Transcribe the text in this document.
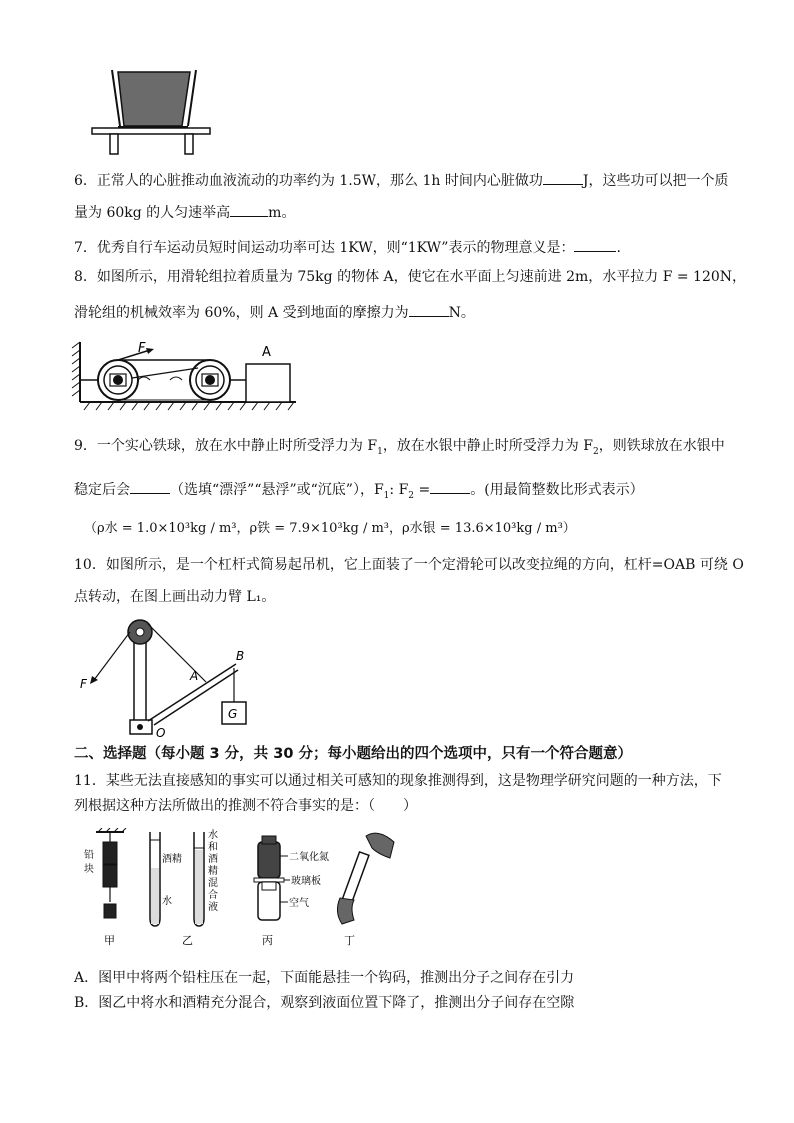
6．正常人的心脏推动血液流动的功率约为 1.5W，那么 1h 时间内心脏做功	J，这些功可以把一个质
量为 60kg 的人匀速举高	m。
7．优秀自行车运动员短时间运动功率可达 1KW，则“1KW”表示的物理意义是：	.
8．如图所示，用滑轮组拉着质量为 75kg 的物体 A，使它在水平面上匀速前进 2m，水平拉力 F = 120N，
滑轮组的机械效率为 60%，则 A 受到地面的摩擦力为	N。
F	A
9．一个实心铁球，放在水中静止时所受浮力为 $F_1$，放在水银中静止时所受浮力为 $F_2$，则铁球放在水银中
稳定后会	（选填“漂浮”“悬浮”或“沉底”），$F_1$: $F_2$ =	。(用最简整数比形式表示）
（ρ水 = 1.0×10³kg / m³，ρ铁 = 7.9×10³kg / m³，ρ水银 = 13.6×10³kg / m³）
10．如图所示，是一个杠杆式简易起吊机，它上面装了一个定滑轮可以改变拉绳的方向，杠杆=OAB 可绕 O
点转动，在图上画出动力臂 L₁。
F
A
B
O
G
二、选择题（每小题 3 分，共 30 分；每小题给出的四个选项中，只有一个符合题意）
11．某些无法直接感知的事实可以通过相关可感知的现象推测得到，这是物理学研究问题的一种方法，下
列根据这种方法所做出的推测不符合事实的是：（　　）
铅
块
甲
酒精
水
水
和
酒
精
混
合
液
乙
二氧化氮
玻璃板
空气
丙	丁
A．图甲中将两个铅柱压在一起，下面能悬挂一个钩码，推测出分子之间存在引力
B．图乙中将水和酒精充分混合，观察到液面位置下降了，推测出分子间存在空隙
